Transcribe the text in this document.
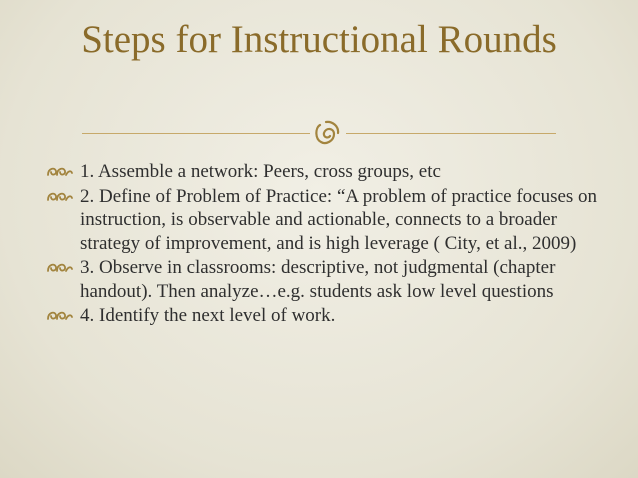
Steps for Instructional Rounds
1. Assemble a network: Peers, cross groups, etc
2. Define of Problem of Practice: “A problem of practice focuses on instruction, is observable and actionable, connects to a broader strategy of improvement, and is high leverage ( City, et al., 2009)
3. Observe in classrooms: descriptive, not judgmental (chapter handout). Then analyze…e.g. students ask low level questions
4. Identify the next level of work.
